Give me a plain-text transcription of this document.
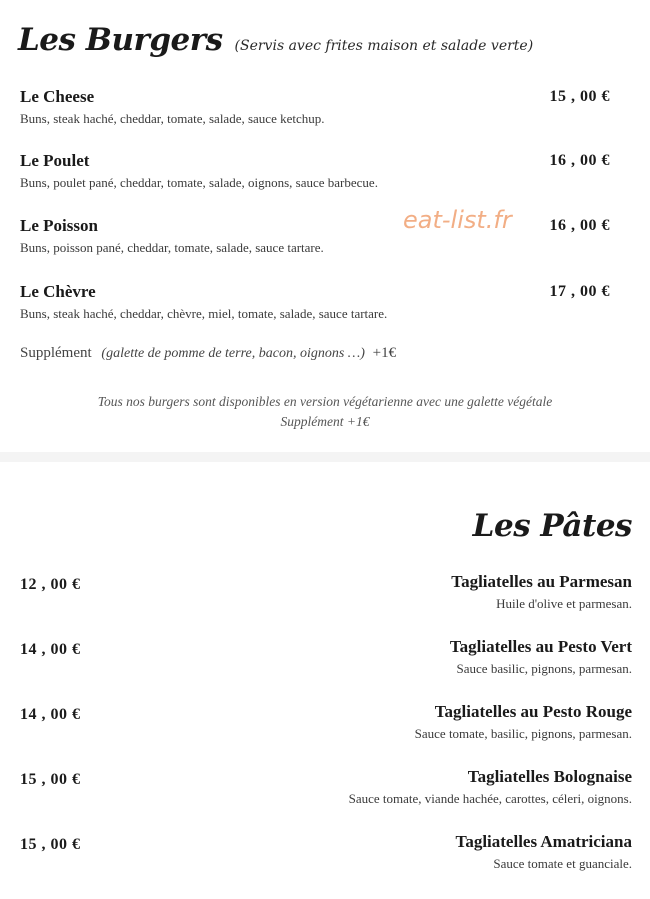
Les Burgers (Servis avec frites maison et salade verte)
Le Cheese	15 , 00 €
Buns, steak haché, cheddar, tomate, salade, sauce ketchup.
Le Poulet	16 , 00 €
Buns, poulet pané, cheddar, tomate, salade, oignons, sauce barbecue.
Le Poisson	16 , 00 €
Buns, poisson pané, cheddar, tomate, salade, sauce tartare.
Le Chèvre	17 , 00 €
Buns, steak haché, cheddar, chèvre, miel, tomate, salade, sauce tartare.
eat-list.fr
Supplément (galette de pomme de terre, bacon, oignons …) +1€
Tous nos burgers sont disponibles en version végétarienne avec une galette végétale
Supplément +1€
Les Pâtes
12 , 00 €	Tagliatelles au Parmesan
Huile d'olive et parmesan.
14 , 00 €	Tagliatelles au Pesto Vert
Sauce basilic, pignons, parmesan.
14 , 00 €	Tagliatelles au Pesto Rouge
Sauce tomate, basilic, pignons, parmesan.
15 , 00 €	Tagliatelles Bolognaise
Sauce tomate, viande hachée, carottes, céleri, oignons.
15 , 00 €	Tagliatelles Amatriciana
Sauce tomate et guanciale.
